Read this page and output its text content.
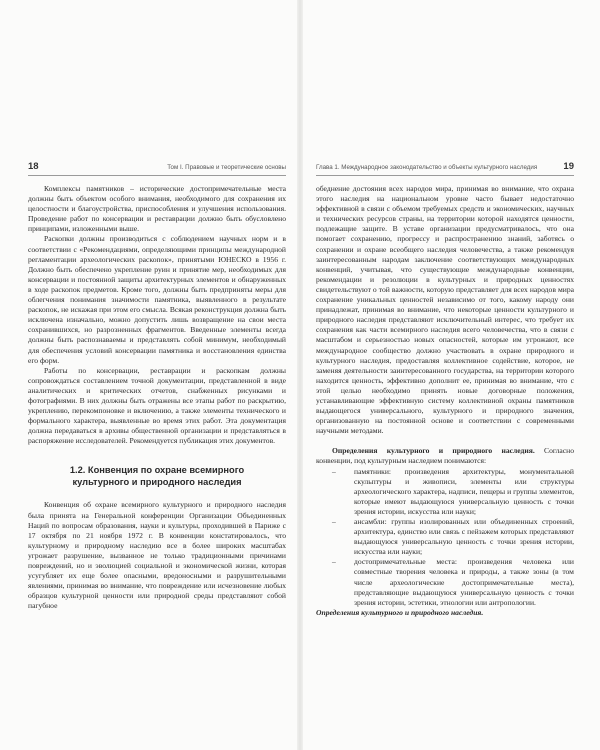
18	Том I. Правовые и теоретические основы

Комплексы памятников – исторические достопримечательные места должны быть объектом особого внимания, необходимого для сохранения их целостности и благоустройства, приспособления и улучшения использования. Проведение работ по консервации и реставрации должно быть обусловлено принципами, изложенными выше.

Раскопки должны производиться с соблюдением научных норм и в соответствии с «Рекомендациями, определяющими принципы международной регламентации археологических раскопок», принятыми ЮНЕСКО в 1956 г. Должно быть обеспечено укрепление руин и принятие мер, необходимых для консервации и постоянной защиты архитектурных элементов и обнаруженных в ходе раскопок предметов. Кроме того, должны быть предприняты меры для облегчения понимания значимости памятника, выявленного в результате раскопок, не искажая при этом его смысла. Всякая реконструкция должна быть исключена изначально, можно допустить лишь возвращение на свои места сохранившихся, но разрозненных фрагментов. Введенные элементы всегда должны быть распознаваемы и представлять собой минимум, необходимый для обеспечения условий консервации памятника и восстановления единства его форм.

Работы по консервации, реставрации и раскопкам должны сопровождаться составлением точной документации, представленной в виде аналитических и критических отчетов, снабженных рисунками и фотографиями. В них должны быть отражены все этапы работ по раскрытию, укреплению, перекомпоновке и включению, а также элементы технического и формального характера, выявленные во время этих работ. Эта документация должна передаваться в архивы общественной организации и представляться в распоряжение исследователей. Рекомендуется публикация этих документов.

1.2. Конвенция по охране всемирного культурного и природного наследия

Конвенция об охране всемирного культурного и природного наследия была принята на Генеральной конференции Организации Объединенных Наций по вопросам образования, науки и культуры, проходившей в Париже с 17 октября по 21 ноября 1972 г. В конвенции констатировалось, что культурному и природному наследию все в более широких масштабах угрожает разрушение, вызванное не только традиционными причинами повреждений, но и эволюцией социальной и экономической жизни, которая усугубляет их еще более опасными, вредоносными и разрушительными явлениями, принимая во внимание, что повреждение или исчезновение любых образцов культурной ценности или природной среды представляют собой пагубное

Глава 1. Международное законодательство и объекты культурного наследия	19

обеднение достояния всех народов мира, принимая во внимание, что охрана этого наследия на национальном уровне часто бывает недостаточно эффективной в связи с объемом требуемых средств и экономических, научных и технических ресурсов страны, на территории которой находятся ценности, подлежащие защите. В уставе организации предусматривалось, что она помогает сохранению, прогрессу и распространению знаний, заботясь о сохранении и охране всеобщего наследия человечества, а также рекомендуя заинтересованным народам заключение соответствующих международных конвенций, учитывая, что существующие международные конвенции, рекомендации и резолюции в культурных и природных ценностях свидетельствуют о той важности, которую представляет для всех народов мира сохранение уникальных ценностей независимо от того, какому народу они принадлежат, принимая во внимание, что некоторые ценности культурного и природного наследия представляют исключительный интерес, что требует их сохранения как части всемирного наследия всего человечества, что в связи с масштабом и серьезностью новых опасностей, которые им угрожают, все международное сообщество должно участвовать в охране природного и культурного наследия, предоставляя коллективное содействие, которое, не заменяя деятельности заинтересованного государства, на территории которого находится ценность, эффективно дополнит ее, принимая во внимание, что с этой целью необходимо принять новые договорные положения, устанавливающие эффективную систему коллективной охраны памятников выдающегося универсального, культурного и природного значения, организованную на постоянной основе и соответствии с современными научными методами.

Определения культурного и природного наследия. Согласно конвенции, под культурным наследием понимаются:

– памятники: произведения архитектуры, монументальной скульптуры и живописи, элементы или структуры археологического характера, надписи, пещеры и группы элементов, которые имеют выдающуюся универсальную ценность с точки зрения истории, искусства или науки;
– ансамбли: группы изолированных или объединенных строений, архитектура, единство или связь с пейзажем которых представляют выдающуюся универсальную ценность с точки зрения истории, искусства или науки;
– достопримечательные места: произведения человека или совместные творения человека и природы, а также зоны (в том числе археологические достопримечательные места), представляющие выдающуюся универсальную ценность с точки зрения истории, эстетики, этнологии или антропологии.

Определения культурного и природного наследия.
